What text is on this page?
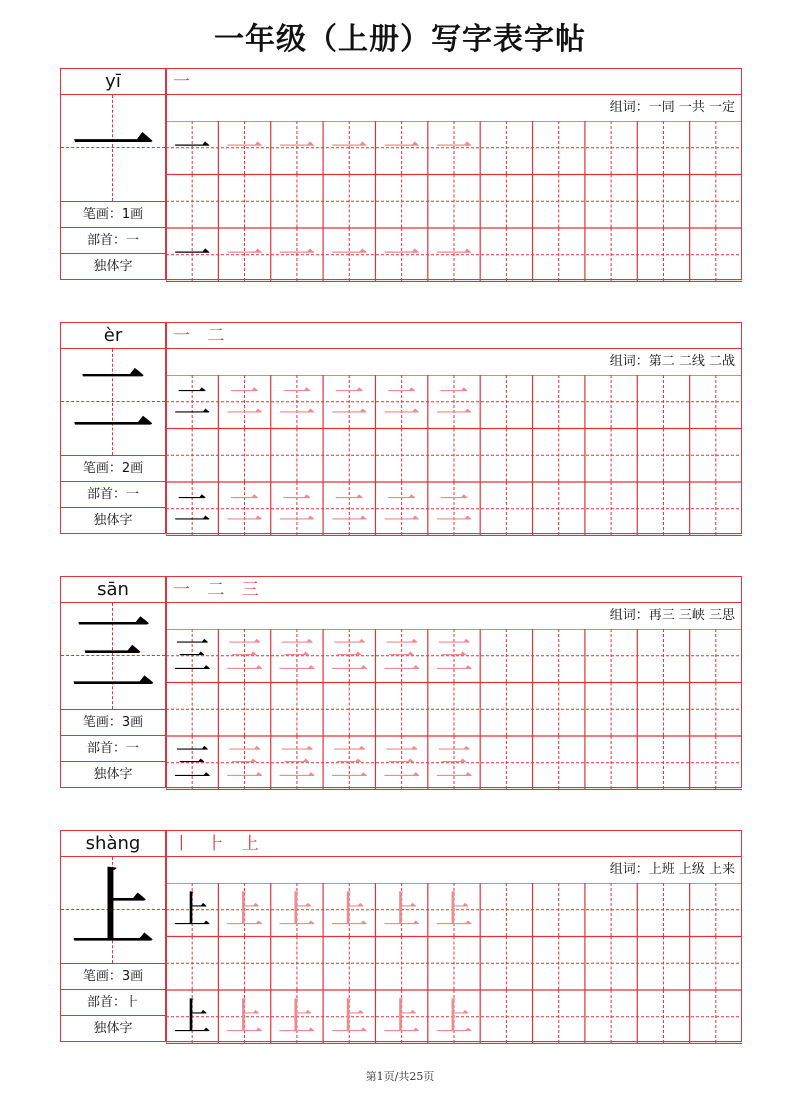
一年级（上册）写字表字帖
yī
一
笔画：1画
部首：一
独体字
一
组词：一同 一共 一定
一 一 一 一 一 一
一 一 一 一 一 一
èr
二
笔画：2画
部首：一
独体字
一 二
组词：第二 二线 二战
二 二 二 二 二 二
二 二 二 二 二 二
sān
三
笔画：3画
部首：一
独体字
一 二 三
组词：再三 三峡 三思
三 三 三 三 三 三
三 三 三 三 三 三
shàng
上
笔画：3画
部首：⺊
独体字
丨 ⺊ 上
组词：上班 上级 上来
上 上 上 上 上 上
上 上 上 上 上 上
第1页/共25页
